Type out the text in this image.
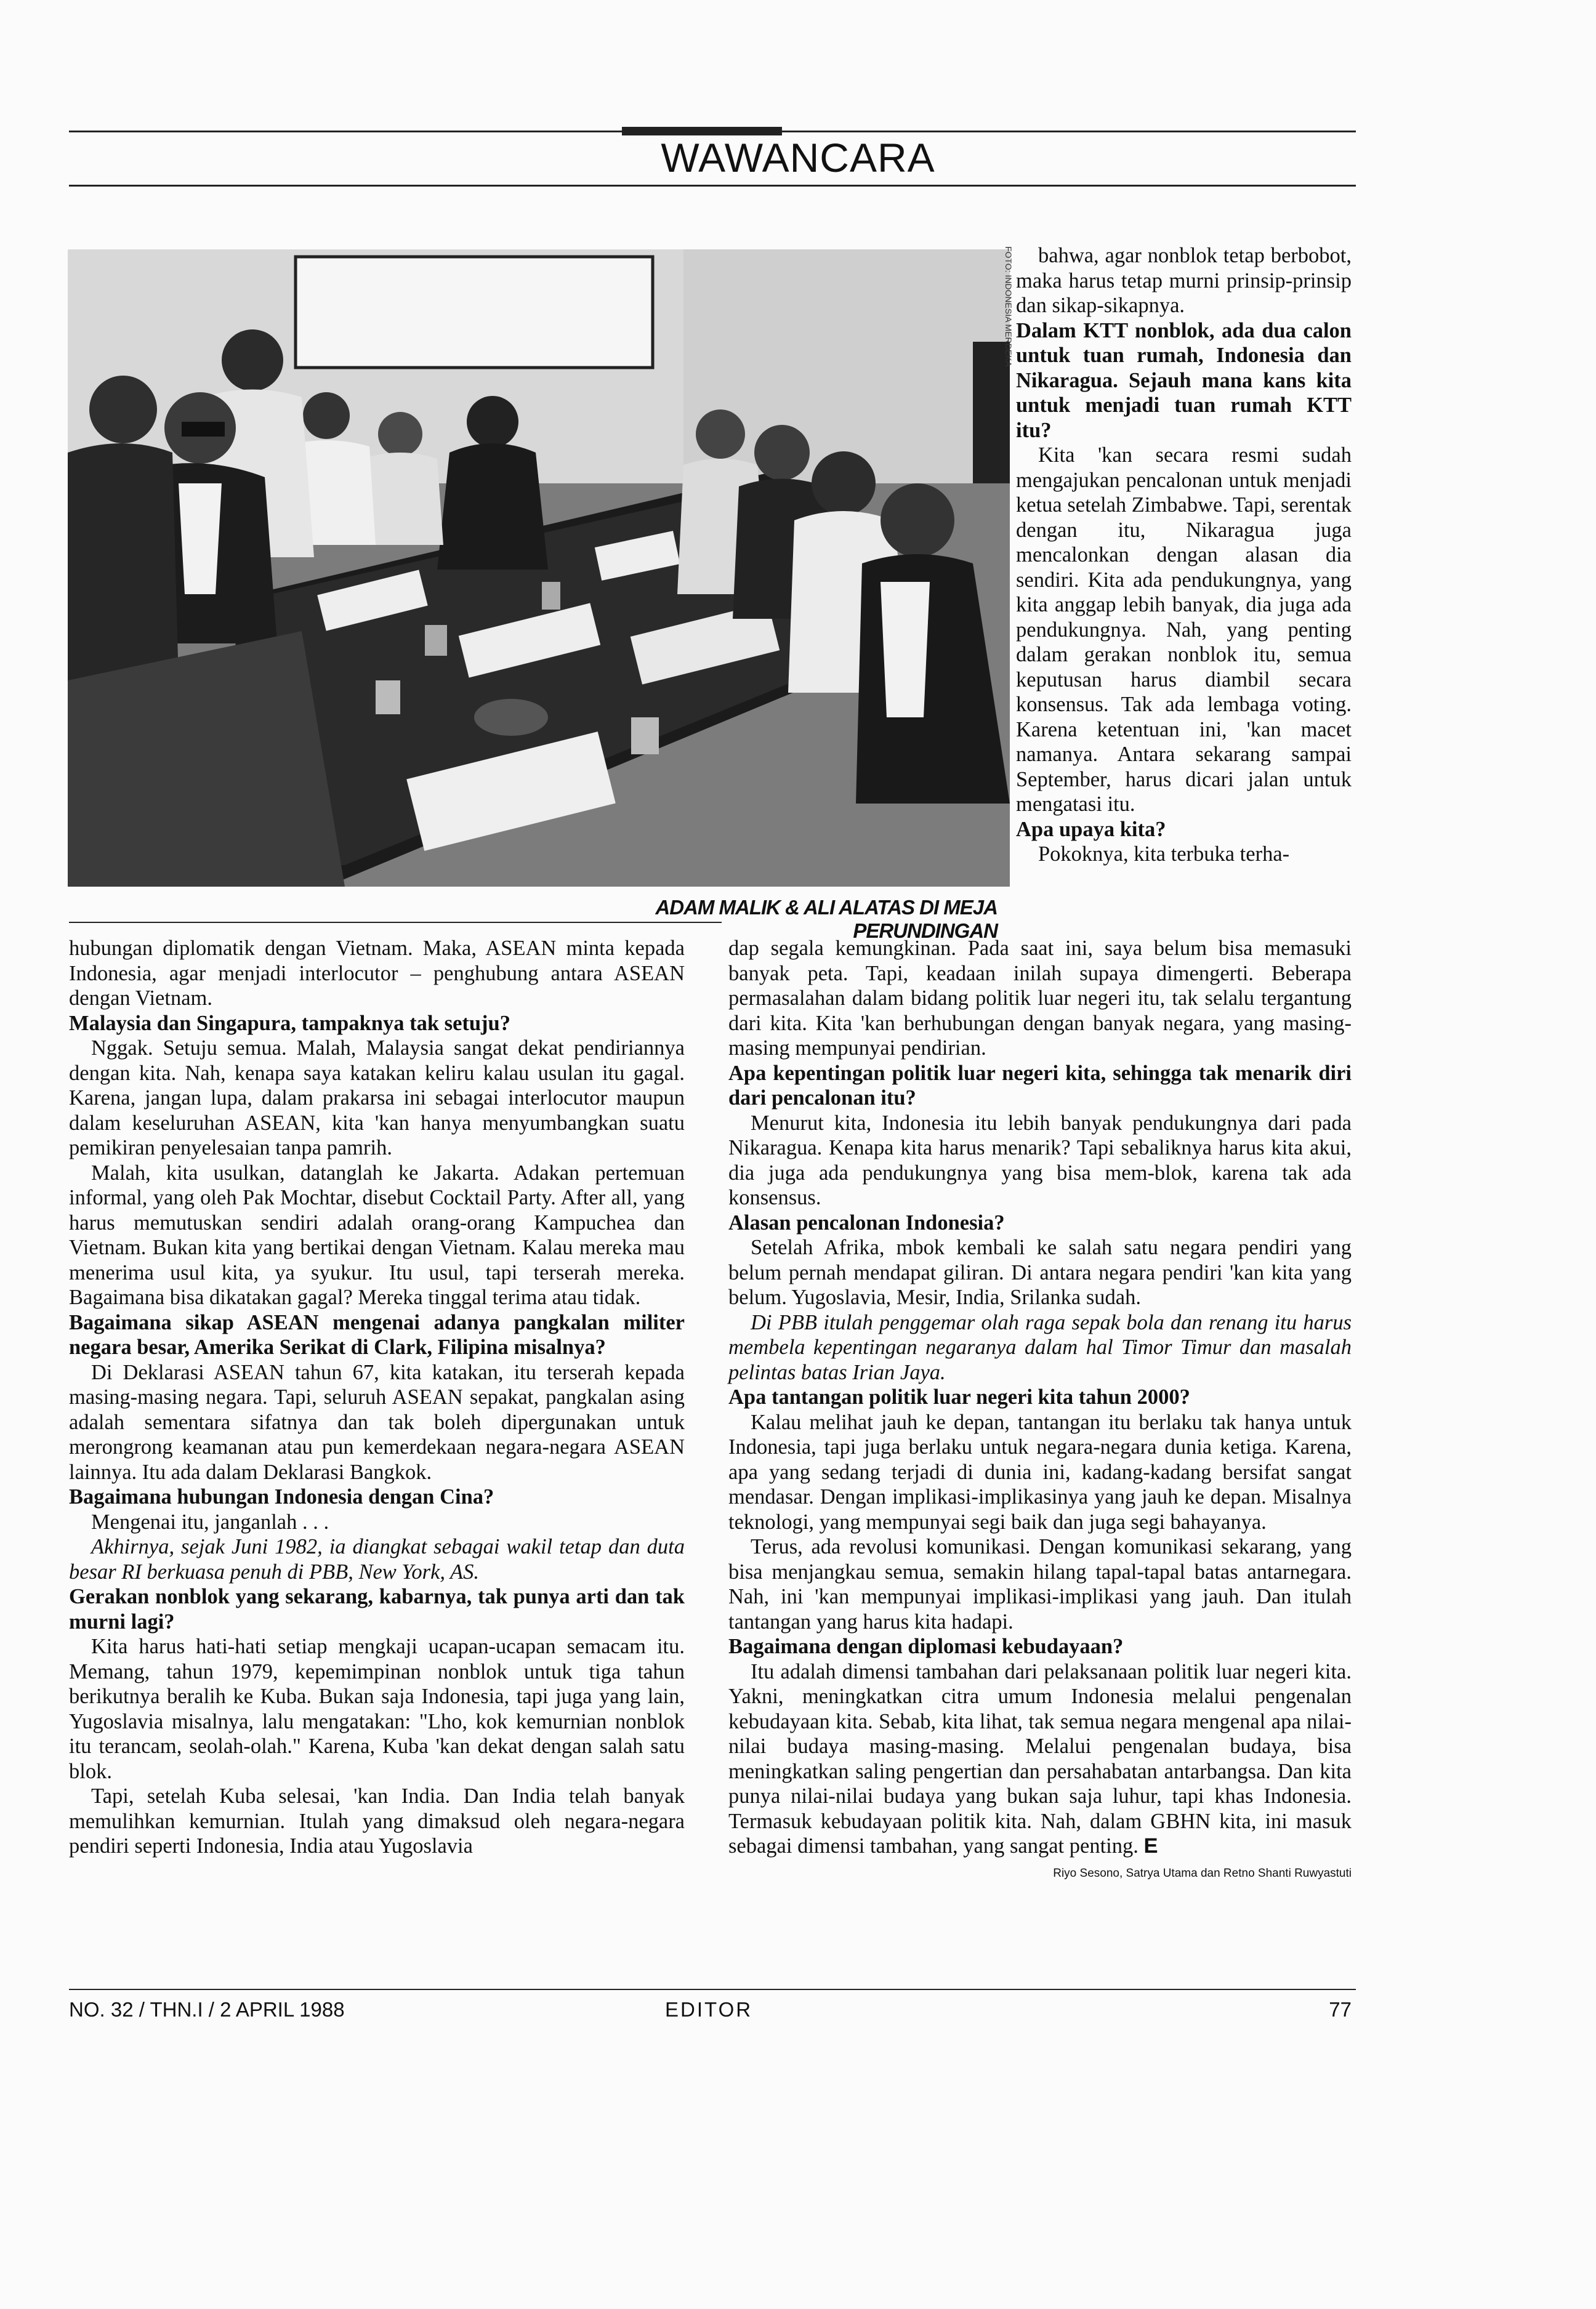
WAWANCARA
FOTO: INDONESIA MERDEKA
ADAM MALIK & ALI ALATAS DI MEJA PERUNDINGAN

bahwa, agar nonblok tetap berbobot, maka harus tetap murni prinsip-prinsip dan sikap-sikapnya.

Dalam KTT nonblok, ada dua calon untuk tuan rumah, Indonesia dan Nikaragua. Sejauh mana kans kita untuk menjadi tuan rumah KTT itu?

Kita 'kan secara resmi sudah mengajukan pencalonan untuk menjadi ketua setelah Zimbabwe. Tapi, serentak dengan itu, Nikaragua juga mencalonkan dengan alasan dia sendiri. Kita ada pendukungnya, yang kita anggap lebih banyak, dia juga ada pendukungnya. Nah, yang penting dalam gerakan nonblok itu, semua keputusan harus diambil secara konsensus. Tak ada lembaga voting. Karena ketentuan ini, 'kan macet namanya. Antara sekarang sampai September, harus dicari jalan untuk mengatasi itu.

Apa upaya kita?

Pokoknya, kita terbuka terha-

hubungan diplomatik dengan Vietnam. Maka, ASEAN minta kepada Indonesia, agar menjadi interlocutor – penghubung antara ASEAN dengan Vietnam.

Malaysia dan Singapura, tampaknya tak setuju?

Nggak. Setuju semua. Malah, Malaysia sangat dekat pendiriannya dengan kita. Nah, kenapa saya katakan keliru kalau usulan itu gagal. Karena, jangan lupa, dalam prakarsa ini sebagai interlocutor maupun dalam keseluruhan ASEAN, kita 'kan hanya menyumbangkan suatu pemikiran penyelesaian tanpa pamrih.

Malah, kita usulkan, datanglah ke Jakarta. Adakan pertemuan informal, yang oleh Pak Mochtar, disebut Cocktail Party. After all, yang harus memutuskan sendiri adalah orang-orang Kampuchea dan Vietnam. Bukan kita yang bertikai dengan Vietnam. Kalau mereka mau menerima usul kita, ya syukur. Itu usul, tapi terserah mereka. Bagaimana bisa dikatakan gagal? Mereka tinggal terima atau tidak.

Bagaimana sikap ASEAN mengenai adanya pangkalan militer negara besar, Amerika Serikat di Clark, Filipina misalnya?

Di Deklarasi ASEAN tahun 67, kita katakan, itu terserah kepada masing-masing negara. Tapi, seluruh ASEAN sepakat, pangkalan asing adalah sementara sifatnya dan tak boleh dipergunakan untuk merongrong keamanan atau pun kemerdekaan negara-negara ASEAN lainnya. Itu ada dalam Deklarasi Bangkok.

Bagaimana hubungan Indonesia dengan Cina?

Mengenai itu, janganlah . . .

Akhirnya, sejak Juni 1982, ia diangkat sebagai wakil tetap dan duta besar RI berkuasa penuh di PBB, New York, AS.

Gerakan nonblok yang sekarang, kabarnya, tak punya arti dan tak murni lagi?

Kita harus hati-hati setiap mengkaji ucapan-ucapan semacam itu. Memang, tahun 1979, kepemimpinan nonblok untuk tiga tahun berikutnya beralih ke Kuba. Bukan saja Indonesia, tapi juga yang lain, Yugoslavia misalnya, lalu mengatakan: "Lho, kok kemurnian nonblok itu terancam, seolah-olah." Karena, Kuba 'kan dekat dengan salah satu blok.

Tapi, setelah Kuba selesai, 'kan India. Dan India telah banyak memulihkan kemurnian. Itulah yang dimaksud oleh negara-negara pendiri seperti Indonesia, India atau Yugoslavia

dap segala kemungkinan. Pada saat ini, saya belum bisa memasuki banyak peta. Tapi, keadaan inilah supaya dimengerti. Beberapa permasalahan dalam bidang politik luar negeri itu, tak selalu tergantung dari kita. Kita 'kan berhubungan dengan banyak negara, yang masing-masing mempunyai pendirian.

Apa kepentingan politik luar negeri kita, sehingga tak menarik diri dari pencalonan itu?

Menurut kita, Indonesia itu lebih banyak pendukungnya dari pada Nikaragua. Kenapa kita harus menarik? Tapi sebaliknya harus kita akui, dia juga ada pendukungnya yang bisa mem-blok, karena tak ada konsensus.

Alasan pencalonan Indonesia?

Setelah Afrika, mbok kembali ke salah satu negara pendiri yang belum pernah mendapat giliran. Di antara negara pendiri 'kan kita yang belum. Yugoslavia, Mesir, India, Srilanka sudah.

Di PBB itulah penggemar olah raga sepak bola dan renang itu harus membela kepentingan negaranya dalam hal Timor Timur dan masalah pelintas batas Irian Jaya.

Apa tantangan politik luar negeri kita tahun 2000?

Kalau melihat jauh ke depan, tantangan itu berlaku tak hanya untuk Indonesia, tapi juga berlaku untuk negara-negara dunia ketiga. Karena, apa yang sedang terjadi di dunia ini, kadang-kadang bersifat sangat mendasar. Dengan implikasi-implikasinya yang jauh ke depan. Misalnya teknologi, yang mempunyai segi baik dan juga segi bahayanya.

Terus, ada revolusi komunikasi. Dengan komunikasi sekarang, yang bisa menjangkau semua, semakin hilang tapal-tapal batas antarnegara. Nah, ini 'kan mempunyai implikasi-implikasi yang jauh. Dan itulah tantangan yang harus kita hadapi.

Bagaimana dengan diplomasi kebudayaan?

Itu adalah dimensi tambahan dari pelaksanaan politik luar negeri kita. Yakni, meningkatkan citra umum Indonesia melalui pengenalan kebudayaan kita. Sebab, kita lihat, tak semua negara mengenal apa nilai-nilai budaya masing-masing. Melalui pengenalan budaya, bisa meningkatkan saling pengertian dan persahabatan antarbangsa. Dan kita punya nilai-nilai budaya yang bukan saja luhur, tapi khas Indonesia. Termasuk kebudayaan politik kita. Nah, dalam GBHN kita, ini masuk sebagai dimensi tambahan, yang sangat penting. E

Riyo Sesono, Satrya Utama dan Retno Shanti Ruwyastuti
NO. 32 / THN.I / 2 APRIL 1988	EDITOR	77
